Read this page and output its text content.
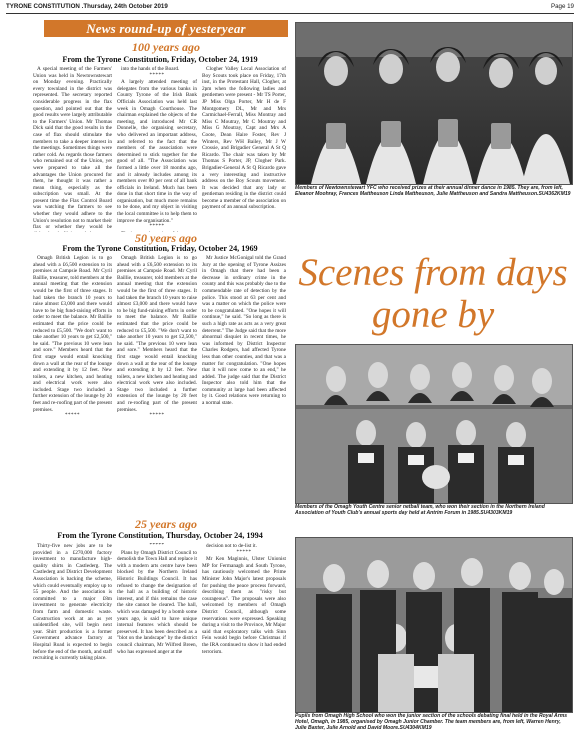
TYRONE CONSTITUTION .Thursday, 24th October 2019	Page 19
News round-up of yesteryear
100 years ago
From the Tyrone Constitution, Friday, October 24, 1919

A special meeting of the Farmers' Union was held in Newtownstewart on Monday evening. Practically every townland in the district was represented. The secretary reported considerable progress in the flax question, and pointed out that the good results were largely attributable to the Farmers' Union. Mr Thomas Dick said that the good results in the case of flax should stimulate the members to take a deeper interest in the meetings. Sometimes things were rather cold. As regards those farmers who remained out of the Union, yet were prepared to take all the advantages the Union procured for them, he thought it was rather a mean thing, especially as the subscription was small. At the present time the Flax Control Board was watching the farmers to see whether they would adhere to the Union's resolution not to market their flax or whether they would be

into the hands of the Board.

*****

A largely attended meeting of delegates from the various banks in County Tyrone of the Irish Bank Officials Association was held last week in Omagh Courthouse. The chairman explained the objects of the meeting, and introduced Mr CR Donnelle, the organising secretary, who delivered an important address, and referred to the fact that the members of the association were determined to stick together for the good of all. "The Association was formed a little over 18 months ago, and it already includes among its members over 80 per cent of all bank officials in Ireland. Much has been done in that short time in the way of organisation, but much more remains to be done, and my object in visiting the local committee is to help them to improve the organisation."

*****

Clogher Valley Local Association of Boy Scouts took place on Friday, 17th inst, in the Protestant Hall, Clogher, at 2pm when the following ladies and gentlemen were present - Mr TS Porter, JP Miss Olga Porter, Mr H de F Montgomery DL, Mr and Mrs Carmichael-Ferrall, Miss Montray and Miss C Moutray, Mr C Moutray and Miss G Moutray, Capt and Mrs A Coote, Dean Haire Foster, Rev J Winters, Rev WH Bailey, Mr J W Crossie, and Brigadier General A St Q Ricardo. The chair was taken by Mr Thomas S Porter, JP, Clogher Park. Brigadier-General A St Q Ricardo gave a very interesting and instructive address on the Boy Scouts movement. It was decided that any lady or gentleman residing in the district could become a member of the association on payment of an annual subscription.

50 years ago
From the Tyrone Constitution, Friday, October 24, 1969

Omagh British Legion is to go ahead with a £6,500 extension to its premises at Campsie Road. Mr Cyril Baillie, treasurer, told members at the annual meeting that the extension would be the first of three stages. It had taken the branch 10 years to raise almost £3,000 and there would have to be big fund-raising efforts in order to meet the balance. Mr Baillie estimated that the price could be reduced to £5,500. "We don't want to take another 10 years to get £2,500," he said. "The previous 10 were lean and sore." Members heard that the first stage would entail knocking down a wall at the rear of the lounge and extending it by 12 feet. New toilets, a new kitchen, and heating and electrical work were also included. Stage two included a further extension of the lounge by 20 feet and re-roofing part of the present premises.

*****

Omagh British Legion is to go ahead with a £6,500 extension to its premises at Campsie Road. Mr Cyril Baillie, treasurer, told members at the annual meeting that the extension would be the first of three stages. It had taken the branch 10 years to raise almost £3,000 and there would have to be big fund-raising efforts in order to meet the balance. Mr Baillie estimated that the price could be reduced to £5,500. "We don't want to take another 10 years to get £2,500," he said. "The previous 10 were lean and sore." Members heard that the first stage would entail knocking down a wall at the rear of the lounge and extending it by 12 feet. New toilets, a new kitchen and heating and electrical work were also included. Stage two included a further extension of the lounge by 20 feet and re-roofing part of the present premises.

*****

Mr Justice McGonigal told the Grand Jury at the opening of Tyrone Assizes in Omagh that there had been a decrease in ordinary crime in the county and this was probably due to the commendable rate of detection by the police. This stood at 63 per cent and was a matter on which the police were to be congratulated. "One hopes it will continue," he said. "So long as there is such a high rate as acts as a very great deterrent." The Judge said that the more abnormal disquiet in recent times, he was informed by District Inspector Charles Rodgers, had affected Tyrone less than other counties, and that was a matter for congratulation. "One hopes that it will now come to an end," he added. The judge said that the District Inspector also told him that the community at large had been affected by it. Good relations were returning to a normal state.

25 years ago
From the Tyrone Constitution, Thursday, October 24, 1994

Thirty-five new jobs are to be provided in a £270,000 factory investment to manufacture high-quality shirts in Castlederg. The Castlederg and District Development Association is backing the scheme, which could eventually employ up to 55 people. And the association is committed to a major £8m investment to generate electricity from farm and domestic waste. Construction work at an as yet unidentified site, will begin next year. Shirt production is a former Government advance factory at Hospital Road is expected to begin before the end of the month, and staff recruiting is currently taking place.

*****

Plans by Omagh District Council to demolish the Town Hall and replace it with a modern arts centre have been blocked by the Northern Ireland Historic Buildings Council. It has refused to change the designation of the hall as a building of historic interest, and if this remains the case the site cannot be cleared. The hall, which was damaged by a bomb some years ago, is said to have unique internal features which should be preserved. It has been described as a "blot on the landscape" by the district council chairman, Mr Wilfred Breen, who has expressed anger at the

decision not to de-list it.

*****

Mr Ken Maginnis, Ulster Unionist MP for Fermanagh and South Tyrone, has cautiously welcomed the Prime Minister John Major's latest proposals for pushing the peace process forward, describing them as "risky but courageous". The proposals were also welcomed by members of Omagh District Council, although some reservations were expressed. Speaking during a visit to the Province, Mr Major said that exploratory talks with Sinn Fein would begin before Christmas if the IRA continued to show it had ended terrorism.

Members of Newtownstewart YFC who received prizes at their annual dinner dance in 1985. They are, from left, Eleanor Moohray, Frances Mattheuson Linda Mattheuson, Julie Mattheuson and Sandra Mattheuson.SU4362KM19
Scenes from days gone by
Members of the Omagh Youth Centre senior netball team, who won their section in the Northern Ireland Association of Youth Club's annual sports day held at Antrim Forum in 1985.SU4303KM19
Pupils from Omagh High School who won the junior section of the schools debating final held in the Royal Arms Hotel, Omagh, in 1985, organised by Omagh Junior Chamber. The team members are, from left, Warren Henry, Julie Baxter, Julie Arnold and David Moore.SU4304KM19
